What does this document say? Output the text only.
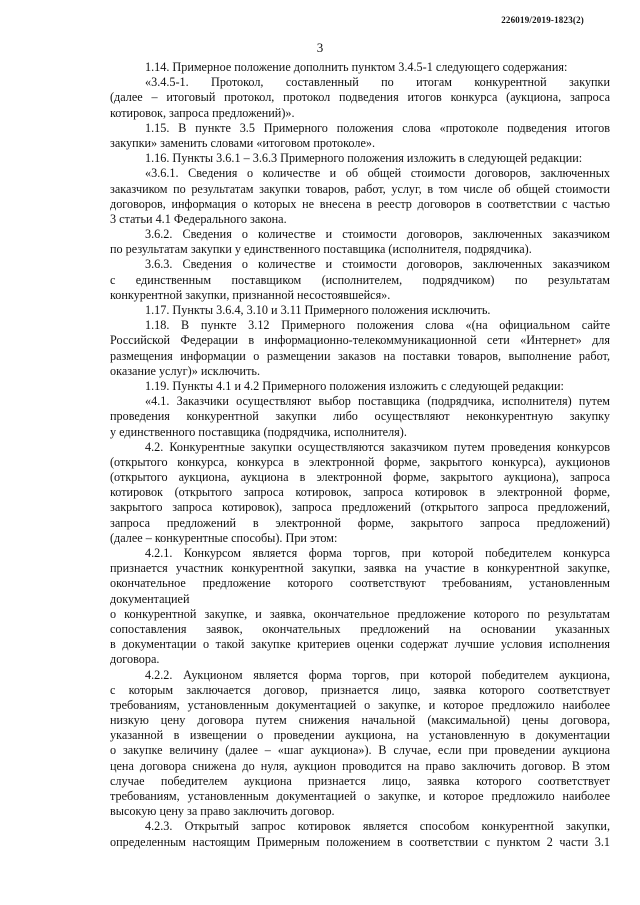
226019/2019-1823(2)
3
1.14. Примерное положение дополнить пунктом 3.4.5-1 следующего содержания:
«3.4.5-1. Протокол, составленный по итогам конкурентной закупки
(далее – итоговый протокол, протокол подведения итогов конкурса (аукциона, запроса
котировок, запроса предложений)».
1.15. В пункте 3.5 Примерного положения слова «протоколе подведения итогов
закупки» заменить словами «итоговом протоколе».
1.16. Пункты 3.6.1 – 3.6.3 Примерного положения изложить в следующей редакции:
«3.6.1. Сведения о количестве и об общей стоимости договоров, заключенных
заказчиком по результатам закупки товаров, работ, услуг, в том числе об общей стоимости
договоров, информация о которых не внесена в реестр договоров в соответствии с частью
3 статьи 4.1 Федерального закона.
3.6.2. Сведения о количестве и стоимости договоров, заключенных заказчиком
по результатам закупки у единственного поставщика (исполнителя, подрядчика).
3.6.3. Сведения о количестве и стоимости договоров, заключенных заказчиком
с единственным поставщиком (исполнителем, подрядчиком) по результатам
конкурентной закупки, признанной несостоявшейся».
1.17. Пункты 3.6.4, 3.10 и 3.11 Примерного положения исключить.
1.18. В пункте 3.12 Примерного положения слова «(на официальном сайте
Российской Федерации в информационно-телекоммуникационной сети «Интернет» для
размещения информации о размещении заказов на поставки товаров, выполнение работ,
оказание услуг)» исключить.
1.19. Пункты 4.1 и 4.2 Примерного положения изложить с следующей редакции:
«4.1. Заказчики осуществляют выбор поставщика (подрядчика, исполнителя) путем
проведения конкурентной закупки либо осуществляют неконкурентную закупку
у единственного поставщика (подрядчика, исполнителя).
4.2. Конкурентные закупки осуществляются заказчиком путем проведения конкурсов
(открытого конкурса, конкурса в электронной форме, закрытого конкурса), аукционов
(открытого аукциона, аукциона в электронной форме, закрытого аукциона), запроса
котировок (открытого запроса котировок, запроса котировок в электронной форме,
закрытого запроса котировок), запроса предложений (открытого запроса предложений,
запроса предложений в электронной форме, закрытого запроса предложений)
(далее – конкурентные способы). При этом:
4.2.1. Конкурсом является форма торгов, при которой победителем конкурса
признается участник конкурентной закупки, заявка на участие в конкурентной закупке,
окончательное предложение которого соответствуют требованиям, установленным
документацией
о конкурентной закупке, и заявка, окончательное предложение которого по результатам
сопоставления заявок, окончательных предложений на основании указанных
в документации о такой закупке критериев оценки содержат лучшие условия исполнения
договора.
4.2.2. Аукционом является форма торгов, при которой победителем аукциона,
с которым заключается договор, признается лицо, заявка которого соответствует
требованиям, установленным документацией о закупке, и которое предложило наиболее
низкую цену договора путем снижения начальной (максимальной) цены договора,
указанной в извещении о проведении аукциона, на установленную в документации
о закупке величину (далее – «шаг аукциона»). В случае, если при проведении аукциона
цена договора снижена до нуля, аукцион проводится на право заключить договор. В этом
случае победителем аукциона признается лицо, заявка которого соответствует
требованиям, установленным документацией о закупке, и которое предложило наиболее
высокую цену за право заключить договор.
4.2.3. Открытый запрос котировок является способом конкурентной закупки,
определенным настоящим Примерным положением в соответствии с пунктом 2 части 3.1
